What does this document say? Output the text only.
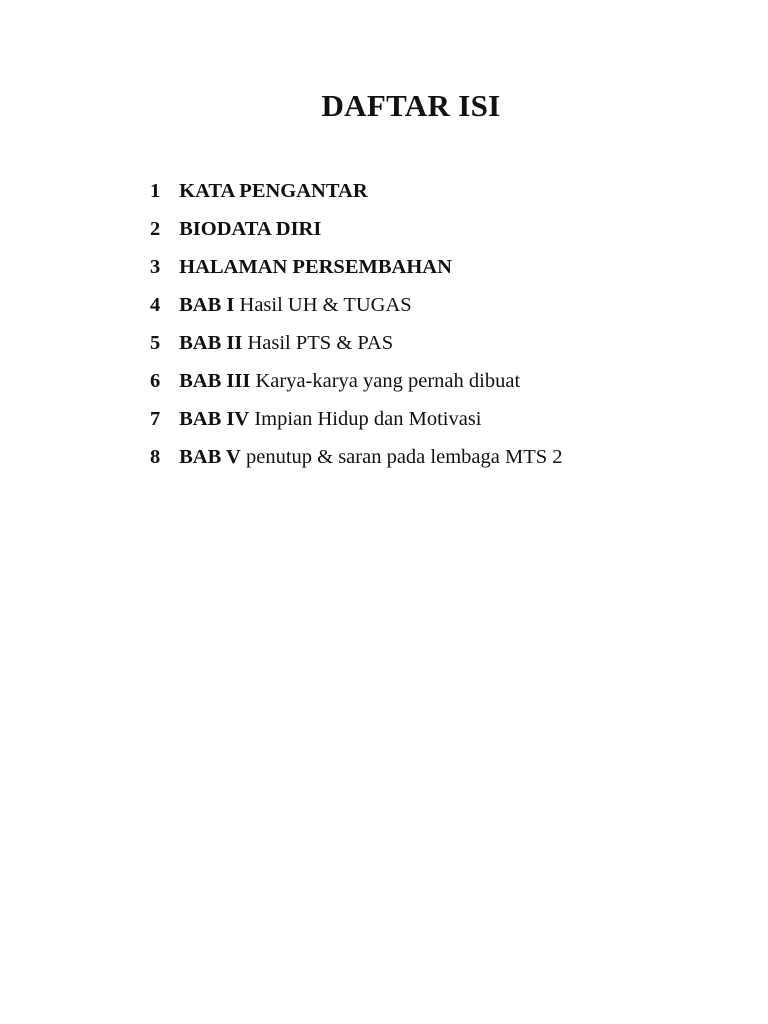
DAFTAR ISI
1 KATA PENGANTAR
2 BIODATA DIRI
3 HALAMAN PERSEMBAHAN
4 BAB I Hasil UH & TUGAS
5 BAB II Hasil PTS & PAS
6 BAB III Karya-karya yang pernah dibuat
7 BAB IV Impian Hidup dan Motivasi
8 BAB V penutup & saran pada lembaga MTS 2
